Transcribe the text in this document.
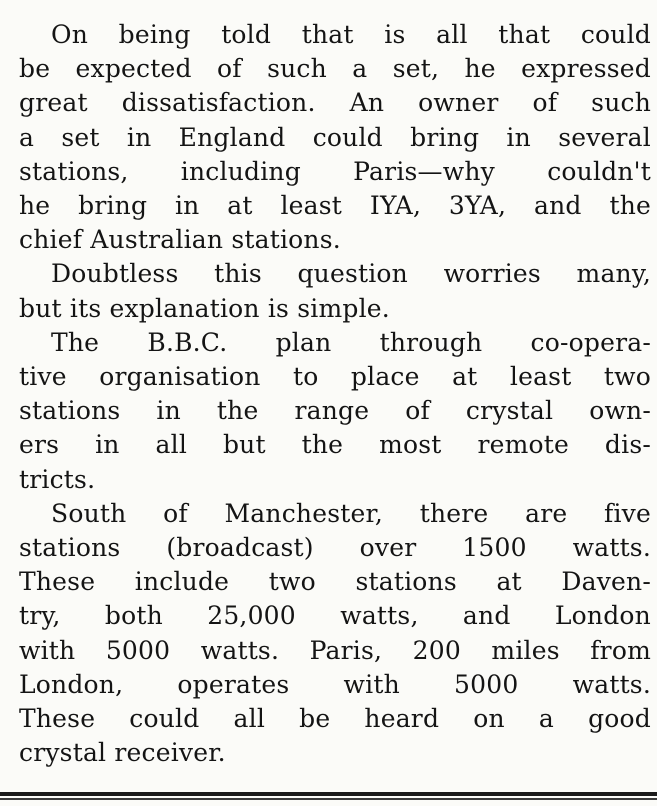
On being told that is all that could
be expected of such a set, he expressed
great dissatisfaction. An owner of such
a set in England could bring in several
stations, including Paris—why couldn't
he bring in at least IYA, 3YA, and the
chief Australian stations.

Doubtless this question worries many,
but its explanation is simple.

The B.B.C. plan through co-opera-
tive organisation to place at least two
stations in the range of crystal own-
ers in all but the most remote dis-
tricts.

South of Manchester, there are five
stations (broadcast) over 1500 watts.
These include two stations at Daven-
try, both 25,000 watts, and London
with 5000 watts. Paris, 200 miles from
London, operates with 5000 watts.
These could all be heard on a good
crystal receiver.
